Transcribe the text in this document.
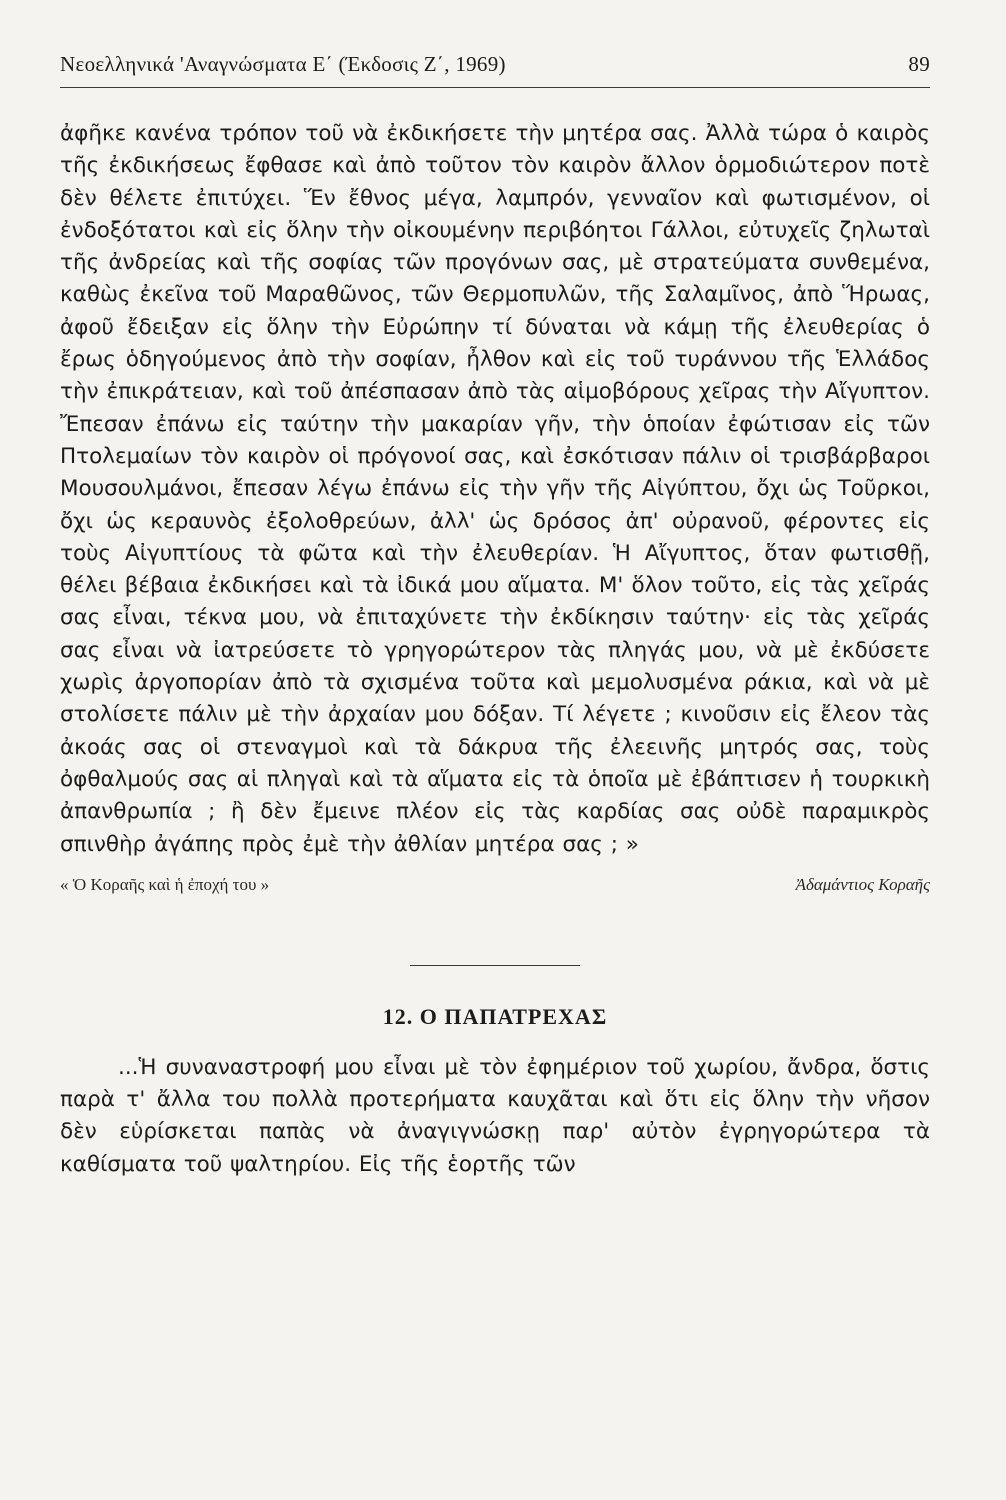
Νεοελληνικά 'Αναγνώσματα Ε΄ (Έκδοσις Ζ΄, 1969)	89

ἀφῆκε κανένα τρόπον τοῦ νὰ ἐκδικήσετε τὴν μητέρα σας. Ἀλλὰ τώρα ὁ καιρὸς τῆς ἐκδικήσεως ἔφθασε καὶ ἀπὸ τοῦτον τὸν καιρὸν ἄλλον ὁρμοδιώτερον ποτὲ δὲν θέλετε ἐπιτύχει. Ἕν ἔθνος μέγα, λαμπρόν, γενναῖον καὶ φωτισμένον, οἱ ἐνδοξότατοι καὶ εἰς ὅλην τὴν οἰκουμένην περιβόητοι Γάλλοι, εὐτυχεῖς ζηλωταὶ τῆς ἀνδρείας καὶ τῆς σοφίας τῶν προγόνων σας, μὲ στρατεύματα συνθεμένα, καθὼς ἐκεῖνα τοῦ Μαραθῶνος, τῶν Θερμοπυλῶν, τῆς Σαλαμῖνος, ἀπὸ Ἥρωας, ἀφοῦ ἔδειξαν εἰς ὅλην τὴν Εὐρώπην τί δύναται νὰ κάμῃ τῆς ἐλευθερίας ὁ ἔρως ὁδηγούμενος ἀπὸ τὴν σοφίαν, ἦλθον καὶ εἰς τοῦ τυράννου τῆς Ἑλλάδος τὴν ἐπικράτειαν, καὶ τοῦ ἀπέσπασαν ἀπὸ τὰς αἱμοβόρους χεῖρας τὴν Αἴγυπτον. Ἔπεσαν ἐπάνω εἰς ταύτην τὴν μακαρίαν γῆν, τὴν ὁποίαν ἐφώτισαν εἰς τῶν Πτολεμαίων τὸν καιρὸν οἱ πρόγονοί σας, καὶ ἐσκότισαν πάλιν οἱ τρισβάρβαροι Μουσουλμάνοι, ἔπεσαν λέγω ἐπάνω εἰς τὴν γῆν τῆς Αἰγύπτου, ὄχι ὡς Τοῦρκοι, ὄχι ὡς κεραυνὸς ἐξολοθρεύων, ἀλλ' ὡς δρόσος ἀπ' οὐρανοῦ, φέροντες εἰς τοὺς Αἰγυπτίους τὰ φῶτα καὶ τὴν ἐλευθερίαν. Ἡ Αἴγυπτος, ὅταν φωτισθῇ, θέλει βέβαια ἐκδικήσει καὶ τὰ ἰδικά μου αἵματα. Μ' ὅλον τοῦτο, εἰς τὰς χεῖράς σας εἶναι, τέκνα μου, νὰ ἐπιταχύνετε τὴν ἐκδίκησιν ταύτην· εἰς τὰς χεῖράς σας εἶναι νὰ ἰατρεύσετε τὸ γρηγορώτερον τὰς πληγάς μου, νὰ μὲ ἐκδύσετε χωρὶς ἀργοπορίαν ἀπὸ τὰ σχισμένα τοῦτα καὶ μεμολυσμένα ράκια, καὶ νὰ μὲ στολίσετε πάλιν μὲ τὴν ἀρχαίαν μου δόξαν. Τί λέγετε ; κινοῦσιν εἰς ἔλεον τὰς ἀκοάς σας οἱ στεναγμοὶ καὶ τὰ δάκρυα τῆς ἐλεεινῆς μητρός σας, τοὺς ὀφθαλμούς σας αἱ πληγαὶ καὶ τὰ αἵματα εἰς τὰ ὁποῖα μὲ ἐβάπτισεν ἡ τουρκικὴ ἀπανθρωπία ; ἢ δὲν ἔμεινε πλέον εἰς τὰς καρδίας σας οὐδὲ παραμικρὸς σπινθὴρ ἀγάπης πρὸς ἐμὲ τὴν ἀθλίαν μητέρα σας ; »

« Ὁ Κοραῆς καὶ ἡ ἐποχή του »	Ἀδαμάντιος Κοραῆς
12. Ο ΠΑΠΑΤΡΕΧΑΣ

...Ἡ συναναστροφή μου εἶναι μὲ τὸν ἐφημέριον τοῦ χωρίου, ἄνδρα, ὅστις παρὰ τ' ἄλλα του πολλὰ προτερήματα καυχᾶται καὶ ὅτι εἰς ὅλην τὴν νῆσον δὲν εὑρίσκεται παπὰς νὰ ἀναγιγνώσκῃ παρ' αὐτὸν ἐγρηγορώτερα τὰ καθίσματα τοῦ ψαλτηρίου. Εἰς τῆς ἑορτῆς τῶν
